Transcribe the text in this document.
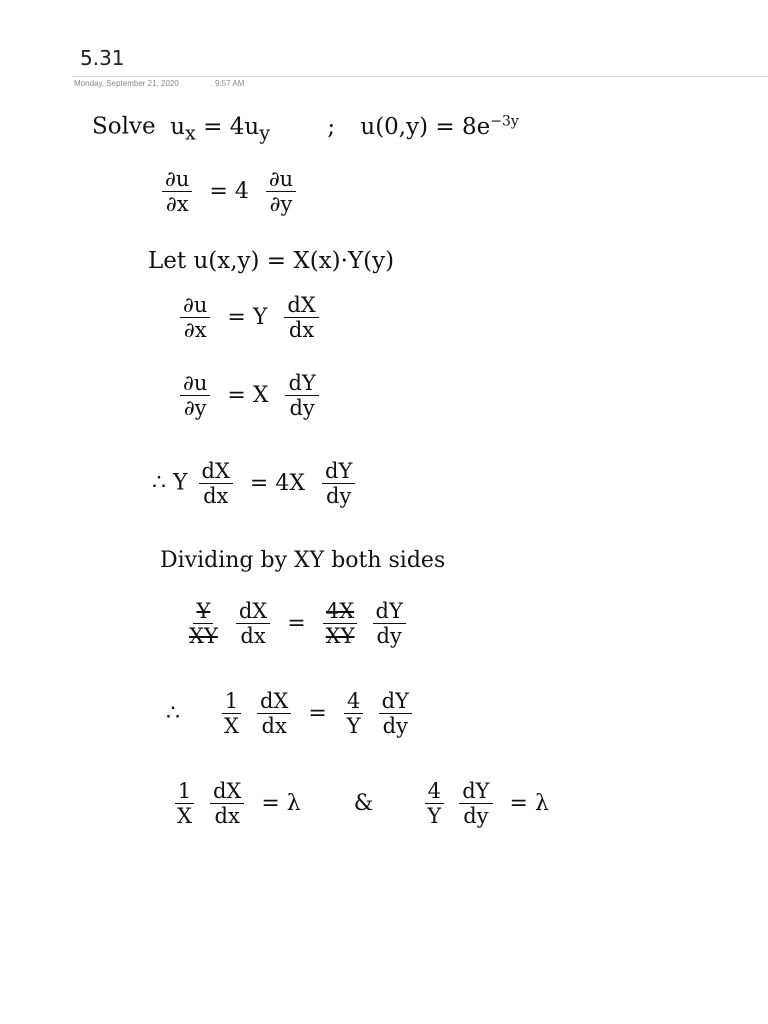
5.31
Monday, September 21, 2020	9:57 AM
Solve $u_x = 4u_y$ ; $u(0,y) = 8e^{-3y}$
$\frac{\partial u}{\partial x} = 4 \frac{\partial u}{\partial y}$
Let u(x,y) = X(x)·Y(y)
$\frac{\partial u}{\partial x} = Y \frac{dX}{dx}$
$\frac{\partial u}{\partial y} = X \frac{dY}{dy}$
∴ Y $\frac{dX}{dx} = 4X \frac{dY}{dy}$
Dividing by XY both sides
$\frac{Y}{XY}$
$\frac{dX}{dx} = \frac{4X}{XY}$
$\frac{dY}{dy}$
∴ $\frac{1}{X}$
$\frac{dX}{dx} = \frac{4}{Y}$
$\frac{dY}{dy}$
$\frac{1}{X}$
$\frac{dX}{dx} = \lambda$ & $\frac{4}{Y}$
$\frac{dY}{dy} = \lambda$
